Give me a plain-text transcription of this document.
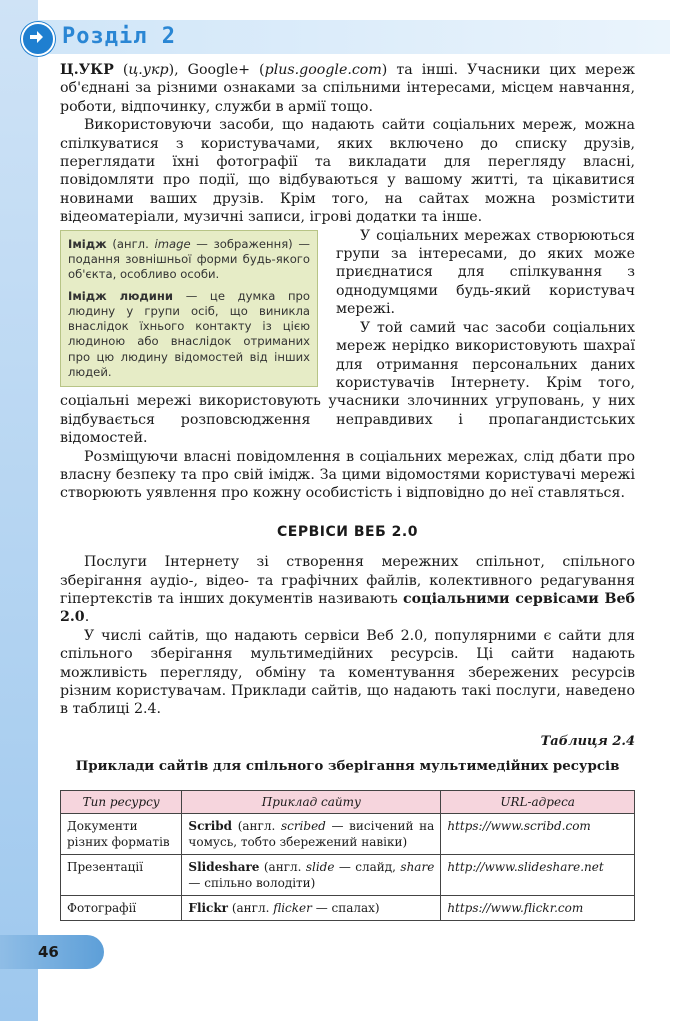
Розділ 2

Ц.УКР (ц.укр), Google+ (plus.google.com) та інші. Учасники цих мереж об'єднані за різними ознаками за спільними інтересами, місцем навчання, роботи, відпочинку, служби в армії тощо.

Використовуючи засоби, що надають сайти соціальних мереж, можна спілкуватися з користувачами, яких включено до списку друзів, переглядати їхні фотографії та викладати для перегляду власні, повідомляти про події, що відбуваються у вашому житті, та цікавитися новинами ваших друзів. Крім того, на сайтах можна розмістити відеоматеріали, музичні записи, ігрові додатки та інше.

Імідж (англ. image — зображення) — подання зовнішньої форми будь-якого об'єкта, особливо особи.

Імідж людини — це думка про людину у групи осіб, що виникла внаслідок їхнього контакту із цією людиною або внаслідок отриманих про цю людину відомостей від інших людей.

У соціальних мережах створюються групи за інтересами, до яких може приєднатися для спілкування з однодумцями будь-який користувач мережі.

У той самий час засоби соціальних мереж нерідко використовують шахраї для отримання персональних даних користувачів Інтернету. Крім того, соціальні мережі використовують учасники злочинних угруповань, у них відбувається розповсюдження неправдивих і пропагандистських відомостей.

Розміщуючи власні повідомлення в соціальних мережах, слід дбати про власну безпеку та про свій імідж. За цими відомостями користувачі мережі створюють уявлення про кожну особистість і відповідно до неї ставляться.

СЕРВІСИ ВЕБ 2.0

Послуги Інтернету зі створення мережних спільнот, спільного зберігання аудіо-, відео- та графічних файлів, колективного редагування гіпертекстів та інших документів називають соціальними сервісами Веб 2.0.

У числі сайтів, що надають сервіси Веб 2.0, популярними є сайти для спільного зберігання мультимедійних ресурсів. Ці сайти надають можливість перегляду, обміну та коментування збережених ресурсів різним користувачам. Приклади сайтів, що надають такі послуги, наведено в таблиці 2.4.

Таблиця 2.4
Приклади сайтів для спільного зберігання мультимедійних ресурсів
Тип ресурсу	Приклад сайту	URL-адреса
Документи різних форматів	Scribd (англ. scribed — висічений на чомусь, тобто збережений навіки)	https://www.scribd.com
Презентації	Slideshare (англ. slide — слайд, share — спільно володіти)	http://www.slideshare.net
Фотографії	Flickr (англ. flicker — спалах)	https://www.flickr.com
46
